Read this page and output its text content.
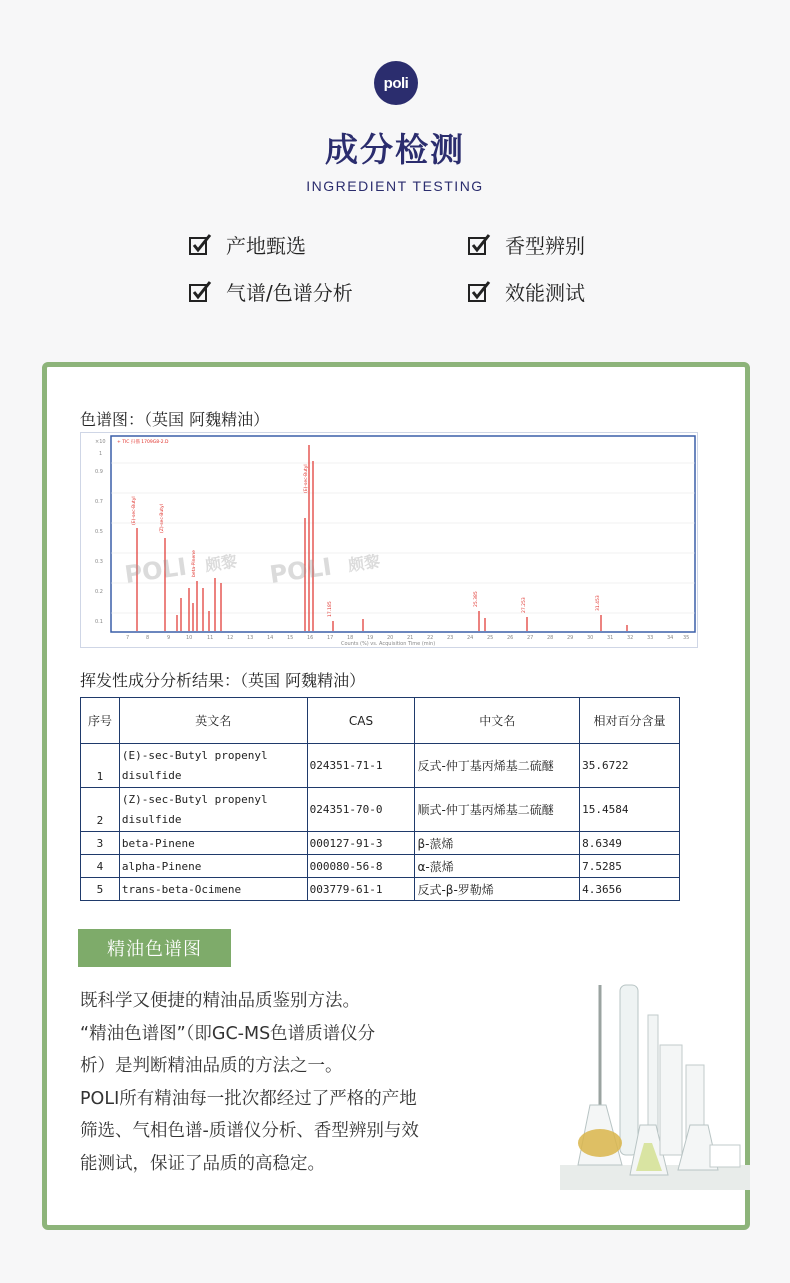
poli
成分检测
INGREDIENT TESTING
产地甄选	香型辨别
气谱/色谱分析	效能测试
色谱图：（英国 阿魏精油）
×10
1
0.9
0.7
0.5
0.3
0.2
0.1
7	8	9	10	11	12	13	14	15	16	17	18	19	20	21	22	23	24	25	26	27	28	29	30	31	32	33	34 35
Counts (%) vs. Acquisition Time (min)
(E)-sec-Butyl	(Z)-sec-Butyl
beta-Pinene
(E)-sec-Butyl
17.185
25.385	27.253	31.453
+ TIC 扫描 1709G8-2.D
POLI 颇黎 POLI 颇黎
挥发性成分分析结果：（英国 阿魏精油）
序号	英文名	CAS	中文名	相对百分含量
1	(E)-sec-Butyl propenyl
disulfide	024351-71-1	反式-仲丁基丙烯基二硫醚	35.6722
2	(Z)-sec-Butyl propenyl
disulfide	024351-70-0	顺式-仲丁基丙烯基二硫醚	15.4584
3	beta-Pinene	000127-91-3	β-蒎烯	8.6349
4	alpha-Pinene	000080-56-8	α-蒎烯	7.5285
5	trans-beta-Ocimene	003779-61-1	反式-β-罗勒烯	4.3656
精油色谱图
既科学又便捷的精油品质鉴别方法。
“精油色谱图”（即GC-MS色谱质谱仪分
析）是判断精油品质的方法之一。
POLI所有精油每一批次都经过了严格的产地
筛选、气相色谱-质谱仪分析、香型辨别与效
能测试，保证了品质的高稳定。
